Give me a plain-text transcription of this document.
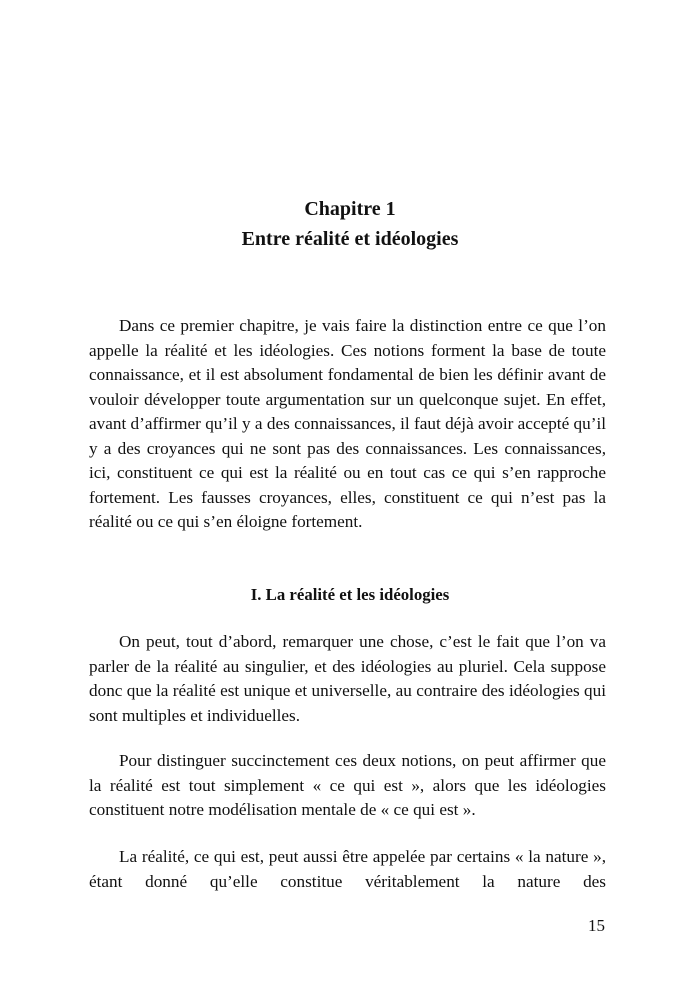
Chapitre 1
Entre réalité et idéologies

Dans ce premier chapitre, je vais faire la distinction entre ce que l’on appelle la réalité et les idéologies. Ces notions forment la base de toute connaissance, et il est absolument fondamental de bien les définir avant de vouloir développer toute argumentation sur un quelconque sujet. En effet, avant d’affirmer qu’il y a des connaissances, il faut déjà avoir accepté qu’il y a des croyances qui ne sont pas des connaissances. Les connaissances, ici, constituent ce qui est la réalité ou en tout cas ce qui s’en rapproche fortement. Les fausses croyances, elles, constituent ce qui n’est pas la réalité ou ce qui s’en éloigne fortement.

I. La réalité et les idéologies

On peut, tout d’abord, remarquer une chose, c’est le fait que l’on va parler de la réalité au singulier, et des idéologies au pluriel. Cela suppose donc que la réalité est unique et universelle, au contraire des idéologies qui sont multiples et individuelles.

Pour distinguer succinctement ces deux notions, on peut affirmer que la réalité est tout simplement « ce qui est », alors que les idéologies constituent notre modélisation mentale de « ce qui est ».

La réalité, ce qui est, peut aussi être appelée par certains « la nature », étant donné qu’elle constitue véritablement la nature des

15
